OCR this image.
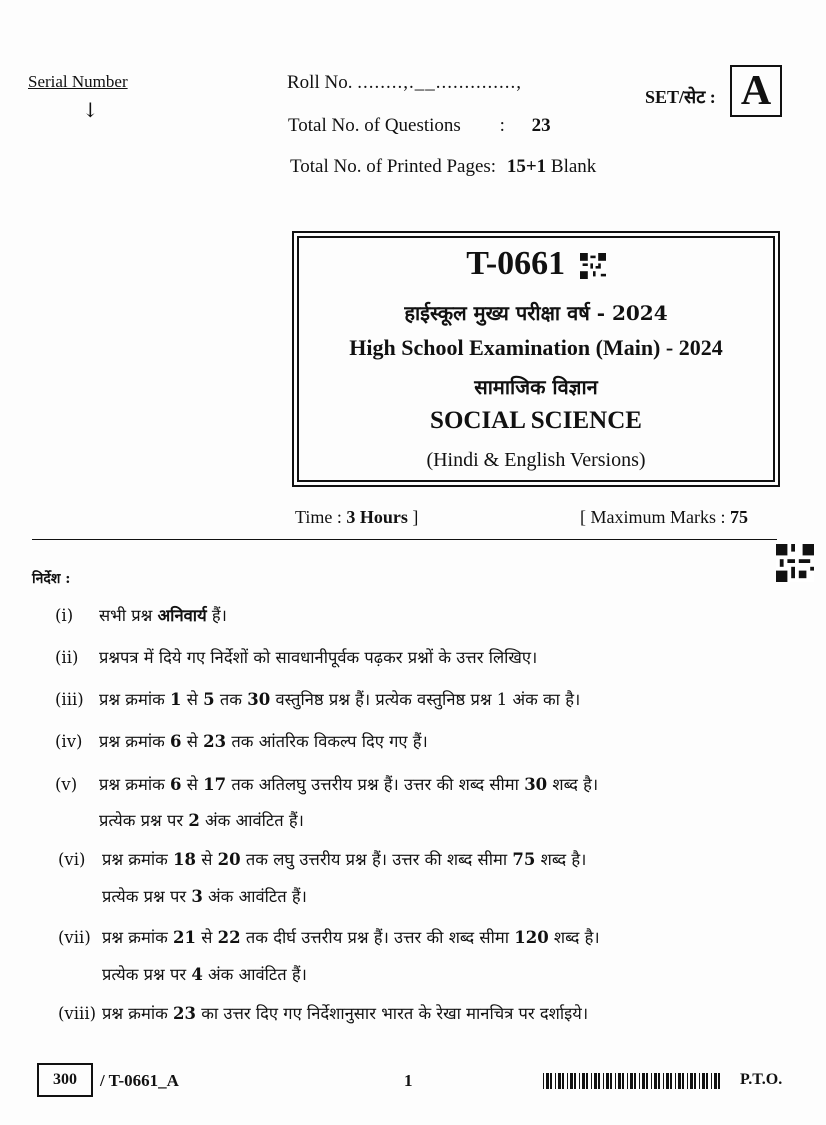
Serial Number
↓
Roll No. ........,.__..............,
Total No. of Questions : 23
Total No. of Printed Pages: 15+1 Blank
SET/सेट : A
T-0661
हाईस्कूल मुख्य परीक्षा वर्ष - 2024
High School Examination (Main) - 2024
सामाजिक विज्ञान
SOCIAL SCIENCE
(Hindi & English Versions)
Time : 3 Hours ]	[ Maximum Marks : 75
निर्देश :
(i) सभी प्रश्न अनिवार्य हैं।
(ii) प्रश्नपत्र में दिये गए निर्देशों को सावधानीपूर्वक पढ़कर प्रश्नों के उत्तर लिखिए।
(iii) प्रश्न क्रमांक 1 से 5 तक 30 वस्तुनिष्ठ प्रश्न हैं। प्रत्येक वस्तुनिष्ठ प्रश्न 1 अंक का है।
(iv) प्रश्न क्रमांक 6 से 23 तक आंतरिक विकल्प दिए गए हैं।
(v) प्रश्न क्रमांक 6 से 17 तक अतिलघु उत्तरीय प्रश्न हैं। उत्तर की शब्द सीमा 30 शब्द है।
प्रत्येक प्रश्न पर 2 अंक आवंटित हैं।
(vi) प्रश्न क्रमांक 18 से 20 तक लघु उत्तरीय प्रश्न हैं। उत्तर की शब्द सीमा 75 शब्द है।
प्रत्येक प्रश्न पर 3 अंक आवंटित हैं।
(vii) प्रश्न क्रमांक 21 से 22 तक दीर्घ उत्तरीय प्रश्न हैं। उत्तर की शब्द सीमा 120 शब्द है।
प्रत्येक प्रश्न पर 4 अंक आवंटित हैं।
(viii) प्रश्न क्रमांक 23 का उत्तर दिए गए निर्देशानुसार भारत के रेखा मानचित्र पर दर्शाइये।
300	/ T-0661_A	1	P.T.O.
